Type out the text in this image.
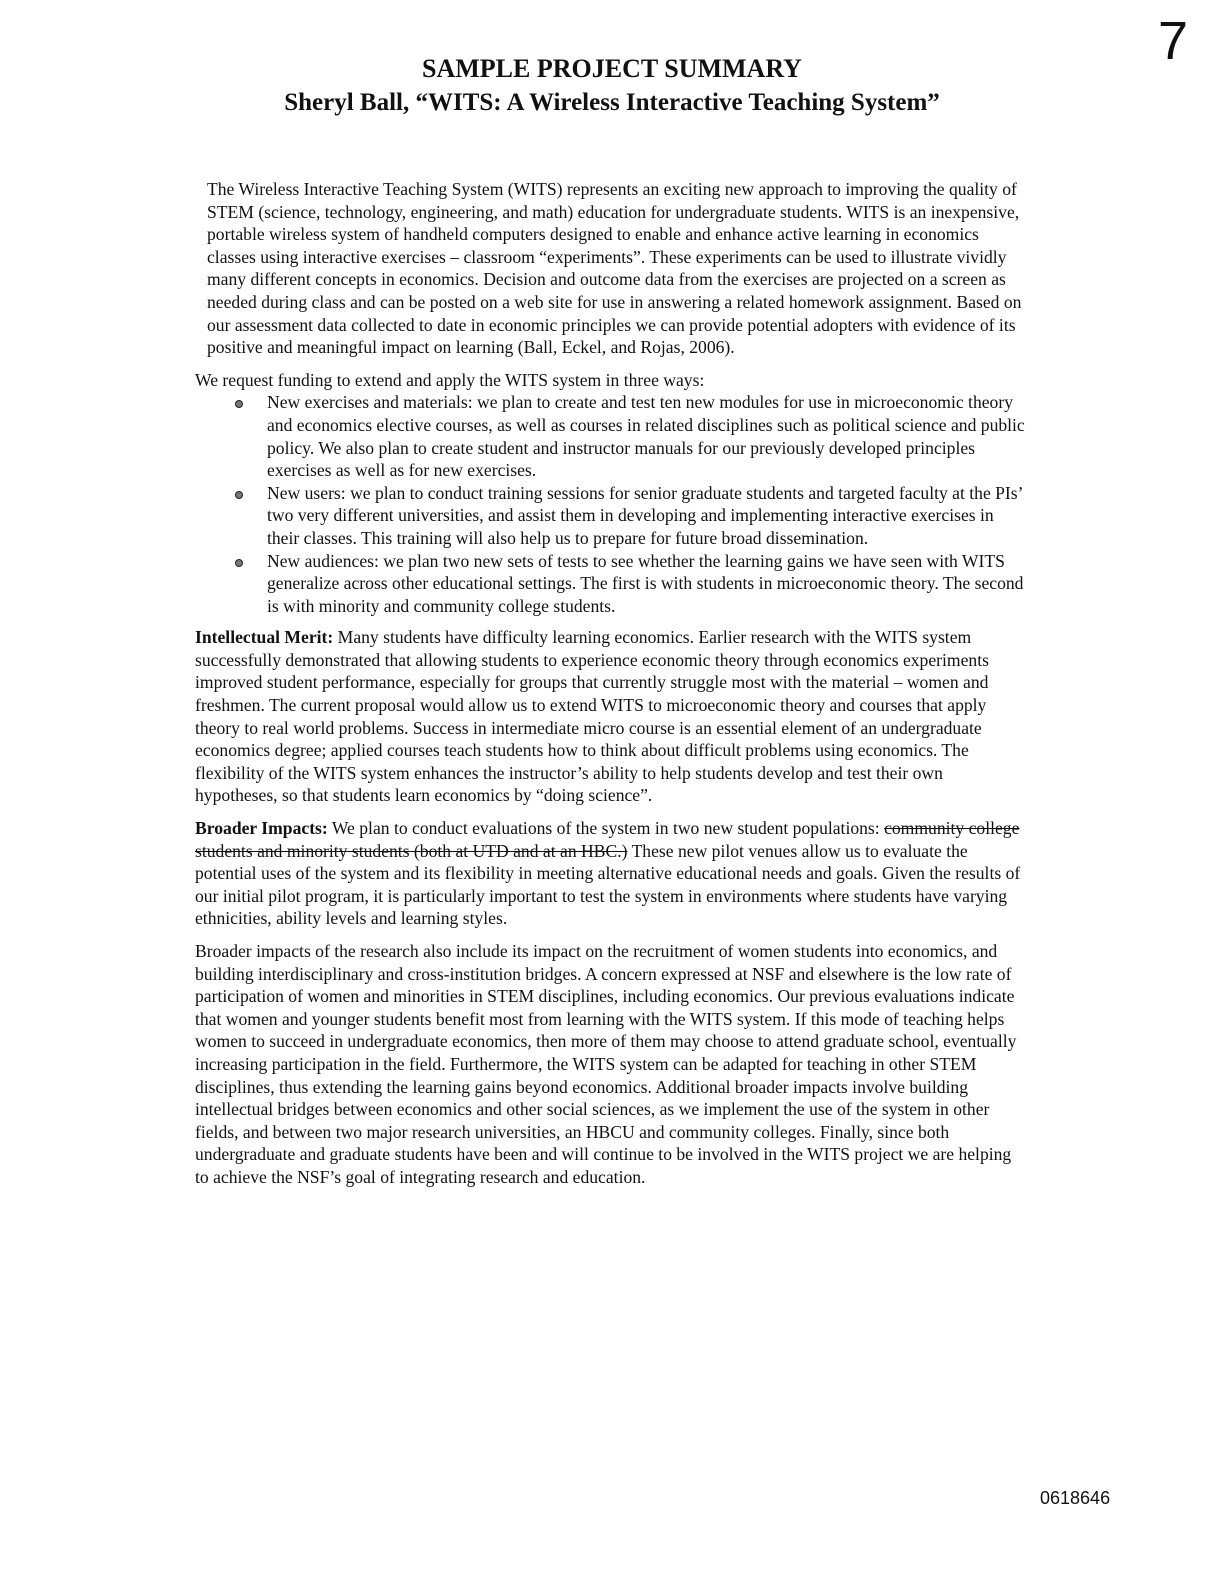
7
SAMPLE PROJECT SUMMARY
Sheryl Ball, “WITS: A Wireless Interactive Teaching System”

The Wireless Interactive Teaching System (WITS) represents an exciting new approach to improving the quality of STEM (science, technology, engineering, and math) education for undergraduate students. WITS is an inexpensive, portable wireless system of handheld computers designed to enable and enhance active learning in economics classes using interactive exercises – classroom “experiments”. These experiments can be used to illustrate vividly many different concepts in economics. Decision and outcome data from the exercises are projected on a screen as needed during class and can be posted on a web site for use in answering a related homework assignment. Based on our assessment data collected to date in economic principles we can provide potential adopters with evidence of its positive and meaningful impact on learning (Ball, Eckel, and Rojas, 2006).

We request funding to extend and apply the WITS system in three ways:

New exercises and materials: we plan to create and test ten new modules for use in microeconomic theory and economics elective courses, as well as courses in related disciplines such as political science and public policy. We also plan to create student and instructor manuals for our previously developed principles exercises as well as for new exercises.
New users: we plan to conduct training sessions for senior graduate students and targeted faculty at the PIs’ two very different universities, and assist them in developing and implementing interactive exercises in their classes. This training will also help us to prepare for future broad dissemination.
New audiences: we plan two new sets of tests to see whether the learning gains we have seen with WITS generalize across other educational settings. The first is with students in microeconomic theory. The second is with minority and community college students.

Intellectual Merit: Many students have difficulty learning economics. Earlier research with the WITS system successfully demonstrated that allowing students to experience economic theory through economics experiments improved student performance, especially for groups that currently struggle most with the material – women and freshmen. The current proposal would allow us to extend WITS to microeconomic theory and courses that apply theory to real world problems. Success in intermediate micro course is an essential element of an undergraduate economics degree; applied courses teach students how to think about difficult problems using economics. The flexibility of the WITS system enhances the instructor’s ability to help students develop and test their own hypotheses, so that students learn economics by “doing science”.

Broader Impacts: We plan to conduct evaluations of the system in two new student populations: community college students and minority students (both at UTD and at an HBC.) These new pilot venues allow us to evaluate the potential uses of the system and its flexibility in meeting alternative educational needs and goals. Given the results of our initial pilot program, it is particularly important to test the system in environments where students have varying ethnicities, ability levels and learning styles.

Broader impacts of the research also include its impact on the recruitment of women students into economics, and building interdisciplinary and cross-institution bridges. A concern expressed at NSF and elsewhere is the low rate of participation of women and minorities in STEM disciplines, including economics. Our previous evaluations indicate that women and younger students benefit most from learning with the WITS system. If this mode of teaching helps women to succeed in undergraduate economics, then more of them may choose to attend graduate school, eventually increasing participation in the field. Furthermore, the WITS system can be adapted for teaching in other STEM disciplines, thus extending the learning gains beyond economics. Additional broader impacts involve building intellectual bridges between economics and other social sciences, as we implement the use of the system in other fields, and between two major research universities, an HBCU and community colleges. Finally, since both undergraduate and graduate students have been and will continue to be involved in the WITS project we are helping to achieve the NSF’s goal of integrating research and education.

0618646
